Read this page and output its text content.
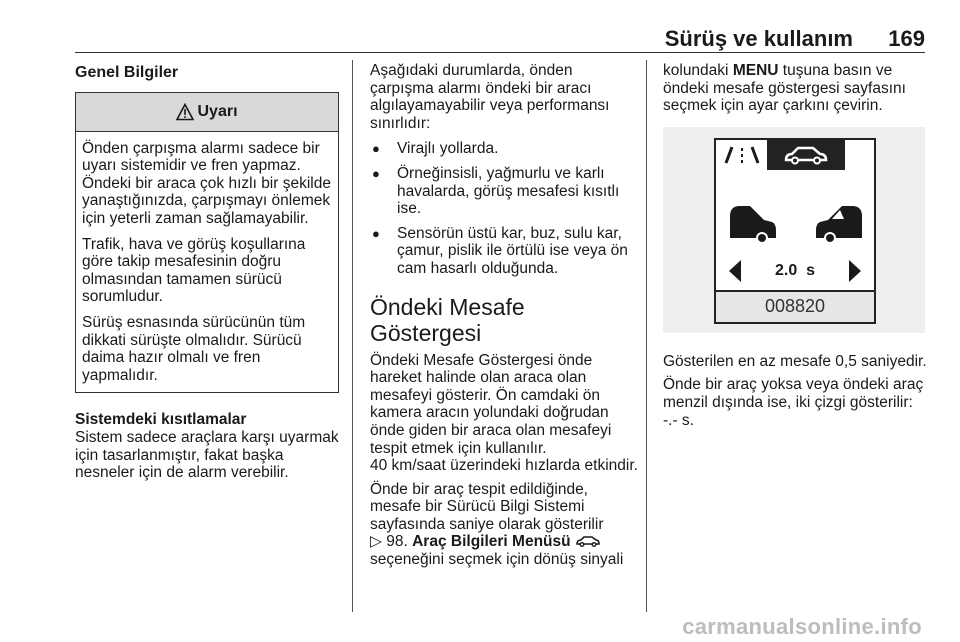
Sürüş ve kullanım 169
Genel Bilgiler
Uyarı

Önden çarpışma alarmı sadece bir uyarı sistemidir ve fren yapmaz. Öndeki bir araca çok hızlı bir şekilde yanaştığınızda, çarpışmayı önlemek için yeterli zaman sağlamayabilir.

Trafik, hava ve görüş koşullarına göre takip mesafesinin doğru olmasından tamamen sürücü sorumludur.

Sürüş esnasında sürücünün tüm dikkati sürüşte olmalıdır. Sürücü daima hazır olmalı ve fren yapmalıdır.

Sistemdeki kısıtlamalar

Sistem sadece araçlara karşı uyarmak için tasarlanmıştır, fakat başka nesneler için de alarm verebilir.

Aşağıdaki durumlarda, önden çarpışma alarmı öndeki bir aracı algılayamayabilir veya performansı sınırlıdır:

● Virajlı yollarda.
● Örneğinsisli, yağmurlu ve karlı havalarda, görüş mesafesi kısıtlı ise.
● Sensörün üstü kar, buz, sulu kar, çamur, pislik ile örtülü ise veya ön cam hasarlı olduğunda.
Öndeki Mesafe Göstergesi

Öndeki Mesafe Göstergesi önde hareket halinde olan araca olan mesafeyi gösterir. Ön camdaki ön kamera aracın yolundaki doğrudan önde giden bir araca olan mesafeyi tespit etmek için kullanılır.

40 km/saat üzerindeki hızlarda etkindir.

Önde bir araç tespit edildiğinde, mesafe bir Sürücü Bilgi Sistemi sayfasında saniye olarak gösterilir
▷ 98. Araç Bilgileri Menüsü  seçeneğini seçmek için dönüş sinyali

kolundaki MENU tuşuna basın ve öndeki mesafe göstergesi sayfasını seçmek için ayar çarkını çevirin.

2.0  s
008820

Gösterilen en az mesafe 0,5 saniyedir.

Önde bir araç yoksa veya öndeki araç menzil dışında ise, iki çizgi gösterilir: -.- s.

carmanualsonline.info
